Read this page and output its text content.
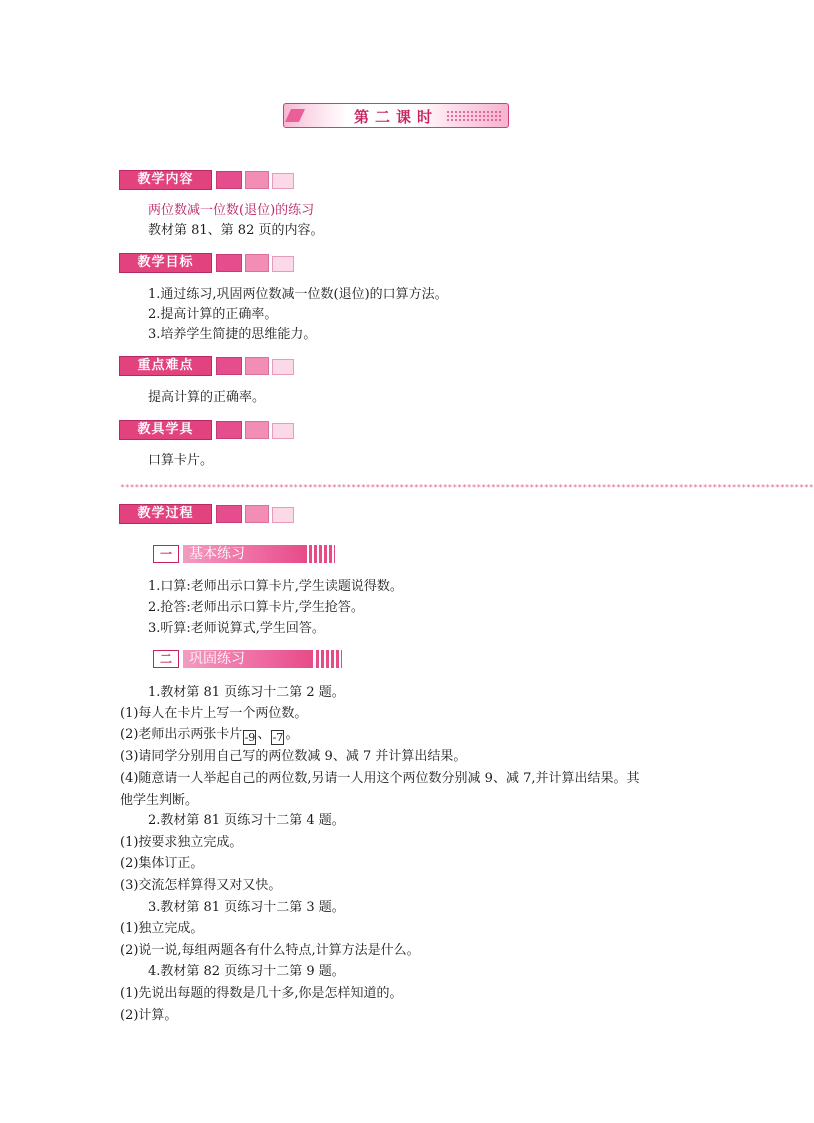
第二课时
教学内容
两位数减一位数(退位)的练习
教材第 81、第 82 页的内容。
教学目标
1.通过练习,巩固两位数减一位数(退位)的口算方法。
2.提高计算的正确率。
3.培养学生简捷的思维能力。
重点难点
提高计算的正确率。
教具学具
口算卡片。
************************************************************************************************************************************************
教学过程
一	基本练习
1.口算:老师出示口算卡片,学生读题说得数。
2.抢答:老师出示口算卡片,学生抢答。
3.听算:老师说算式,学生回答。
二	巩固练习
1.教材第 81 页练习十二第 2 题。
(1)每人在卡片上写一个两位数。
(2)老师出示两张卡片 -9 、 -7 。
(3)请同学分别用自己写的两位数减 9、减 7 并计算出结果。
(4)随意请一人举起自己的两位数,另请一人用这个两位数分别减 9、减 7,并计算出结果。其
他学生判断。
2.教材第 81 页练习十二第 4 题。
(1)按要求独立完成。
(2)集体订正。
(3)交流怎样算得又对又快。
3.教材第 81 页练习十二第 3 题。
(1)独立完成。
(2)说一说,每组两题各有什么特点,计算方法是什么。
4.教材第 82 页练习十二第 9 题。
(1)先说出每题的得数是几十多,你是怎样知道的。
(2)计算。
